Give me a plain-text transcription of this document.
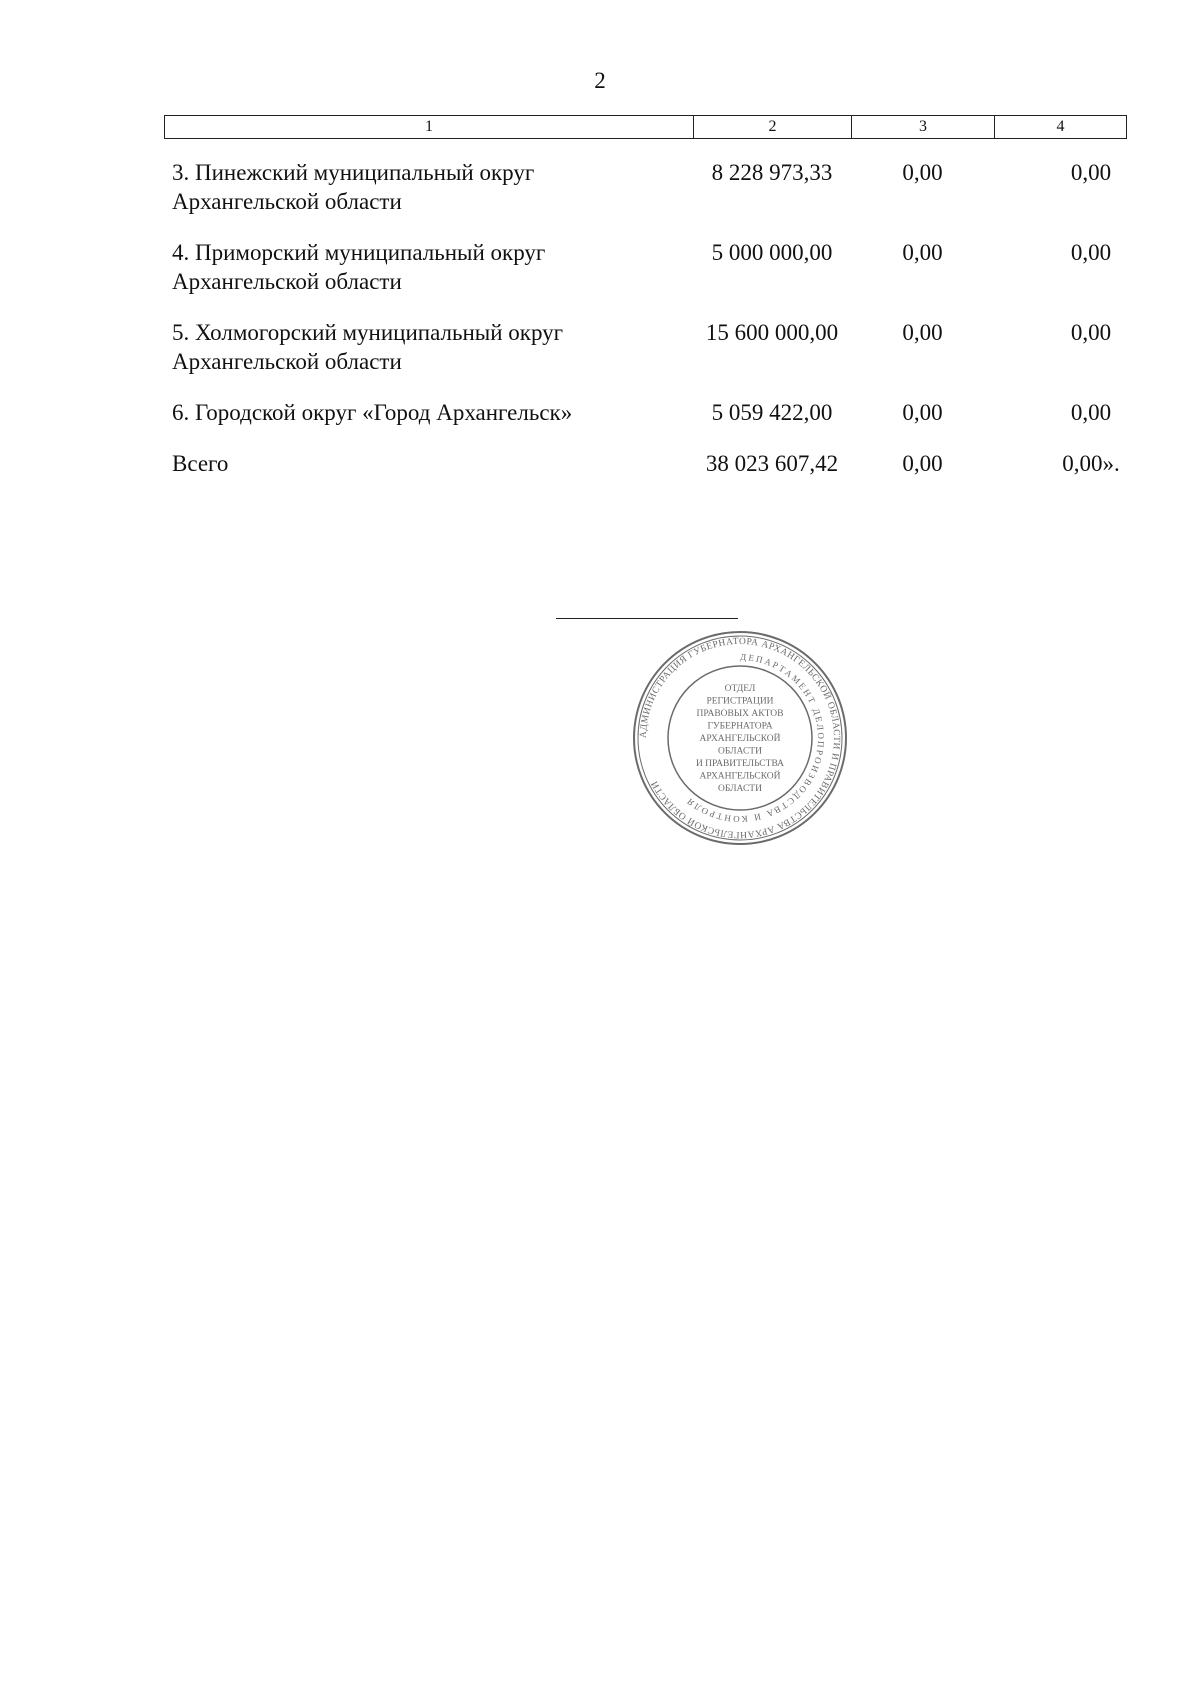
2
1	2	3	4
3. Пинежский муниципальный округ
Архангельской области	8 228 973,33	0,00	0,00

4. Приморский муниципальный округ
Архангельской области	5 000 000,00	0,00	0,00

5. Холмогорский муниципальный округ
Архангельской области	15 600 000,00	0,00	0,00

6. Городской округ «Город Архангельск»	5 059 422,00	0,00	0,00
Всего	38 023 607,42	0,00	0,00».
АДМИНИСТРАЦИЯ ГУБЕРНАТОРА АРХАНГЕЛЬСКОЙ ОБЛАСТИ И ПРАВИТЕЛЬСТВА АРХАНГЕЛЬСКОЙ ОБЛАСТИ
ДЕПАРТАМЕНТ ДЕЛОПРОИЗВОДСТВА И КОНТРОЛЯ
ОТДЕЛ
РЕГИСТРАЦИИ
ПРАВОВЫХ АКТОВ
ГУБЕРНАТОРА
АРХАНГЕЛЬСКОЙ
ОБЛАСТИ
И ПРАВИТЕЛЬСТВА
АРХАНГЕЛЬСКОЙ
ОБЛАСТИ
